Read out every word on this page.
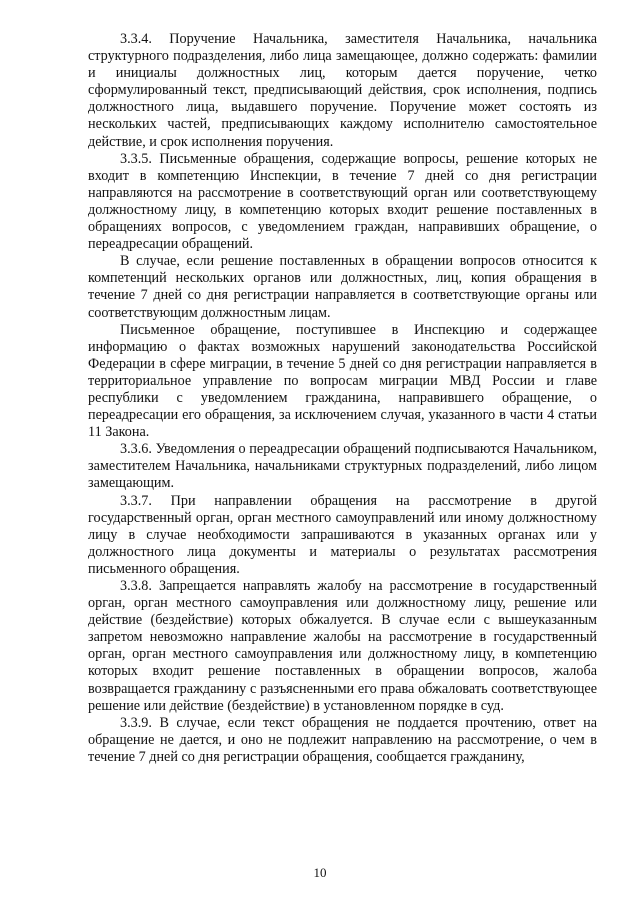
3.3.4. Поручение Начальника, заместителя Начальника, начальника структурного подразделения, либо лица замещающее, должно содержать: фамилии и инициалы должностных лиц, которым дается поручение, четко сформулированный текст, предписывающий действия, срок исполнения, подпись должностного лица, выдавшего поручение. Поручение может состоять из нескольких частей, предписывающих каждому исполнителю самостоятельное действие, и срок исполнения поручения.

3.3.5. Письменные обращения, содержащие вопросы, решение которых не входит в компетенцию Инспекции, в течение 7 дней со дня регистрации направляются на рассмотрение в соответствующий орган или соответствующему должностному лицу, в компетенцию которых входит решение поставленных в обращениях вопросов, с уведомлением граждан, направивших обращение, о переадресации обращений.

В случае, если решение поставленных в обращении вопросов относится к компетенций нескольких органов или должностных, лиц, копия обращения в течение 7 дней со дня регистрации направляется в соответствующие органы или соответствующим должностным лицам.

Письменное обращение, поступившее в Инспекцию и содержащее информацию о фактах возможных нарушений законодательства Российской Федерации в сфере миграции, в течение 5 дней со дня регистрации направляется в территориальное управление по вопросам миграции МВД России и главе республики с уведомлением гражданина, направившего обращение, о переадресации его обращения, за исключением случая, указанного в части 4 статьи 11 Закона.

3.3.6. Уведомления о переадресации обращений подписываются Начальником, заместителем Начальника, начальниками структурных подразделений, либо лицом замещающим.

3.3.7. При направлении обращения на рассмотрение в другой государственный орган, орган местного самоуправлений или иному должностному лицу в случае необходимости запрашиваются в указанных органах или у должностного лица документы и материалы о результатах рассмотрения письменного обращения.

3.3.8. Запрещается направлять жалобу на рассмотрение в государственный орган, орган местного самоуправления или должностному лицу, решение или действие (бездействие) которых обжалуется. В случае если с вышеуказанным запретом невозможно направление жалобы на рассмотрение в государственный орган, орган местного самоуправления или должностному лицу, в компетенцию которых входит решение поставленных в обращении вопросов, жалоба возвращается гражданину с разъясненными его права обжаловать соответствующее решение или действие (бездействие) в установленном порядке в суд.

3.3.9. В случае, если текст обращения не поддается прочтению, ответ на обращение не дается, и оно не подлежит направлению на рассмотрение, о чем в течение 7 дней со дня регистрации обращения, сообщается гражданину,

10
